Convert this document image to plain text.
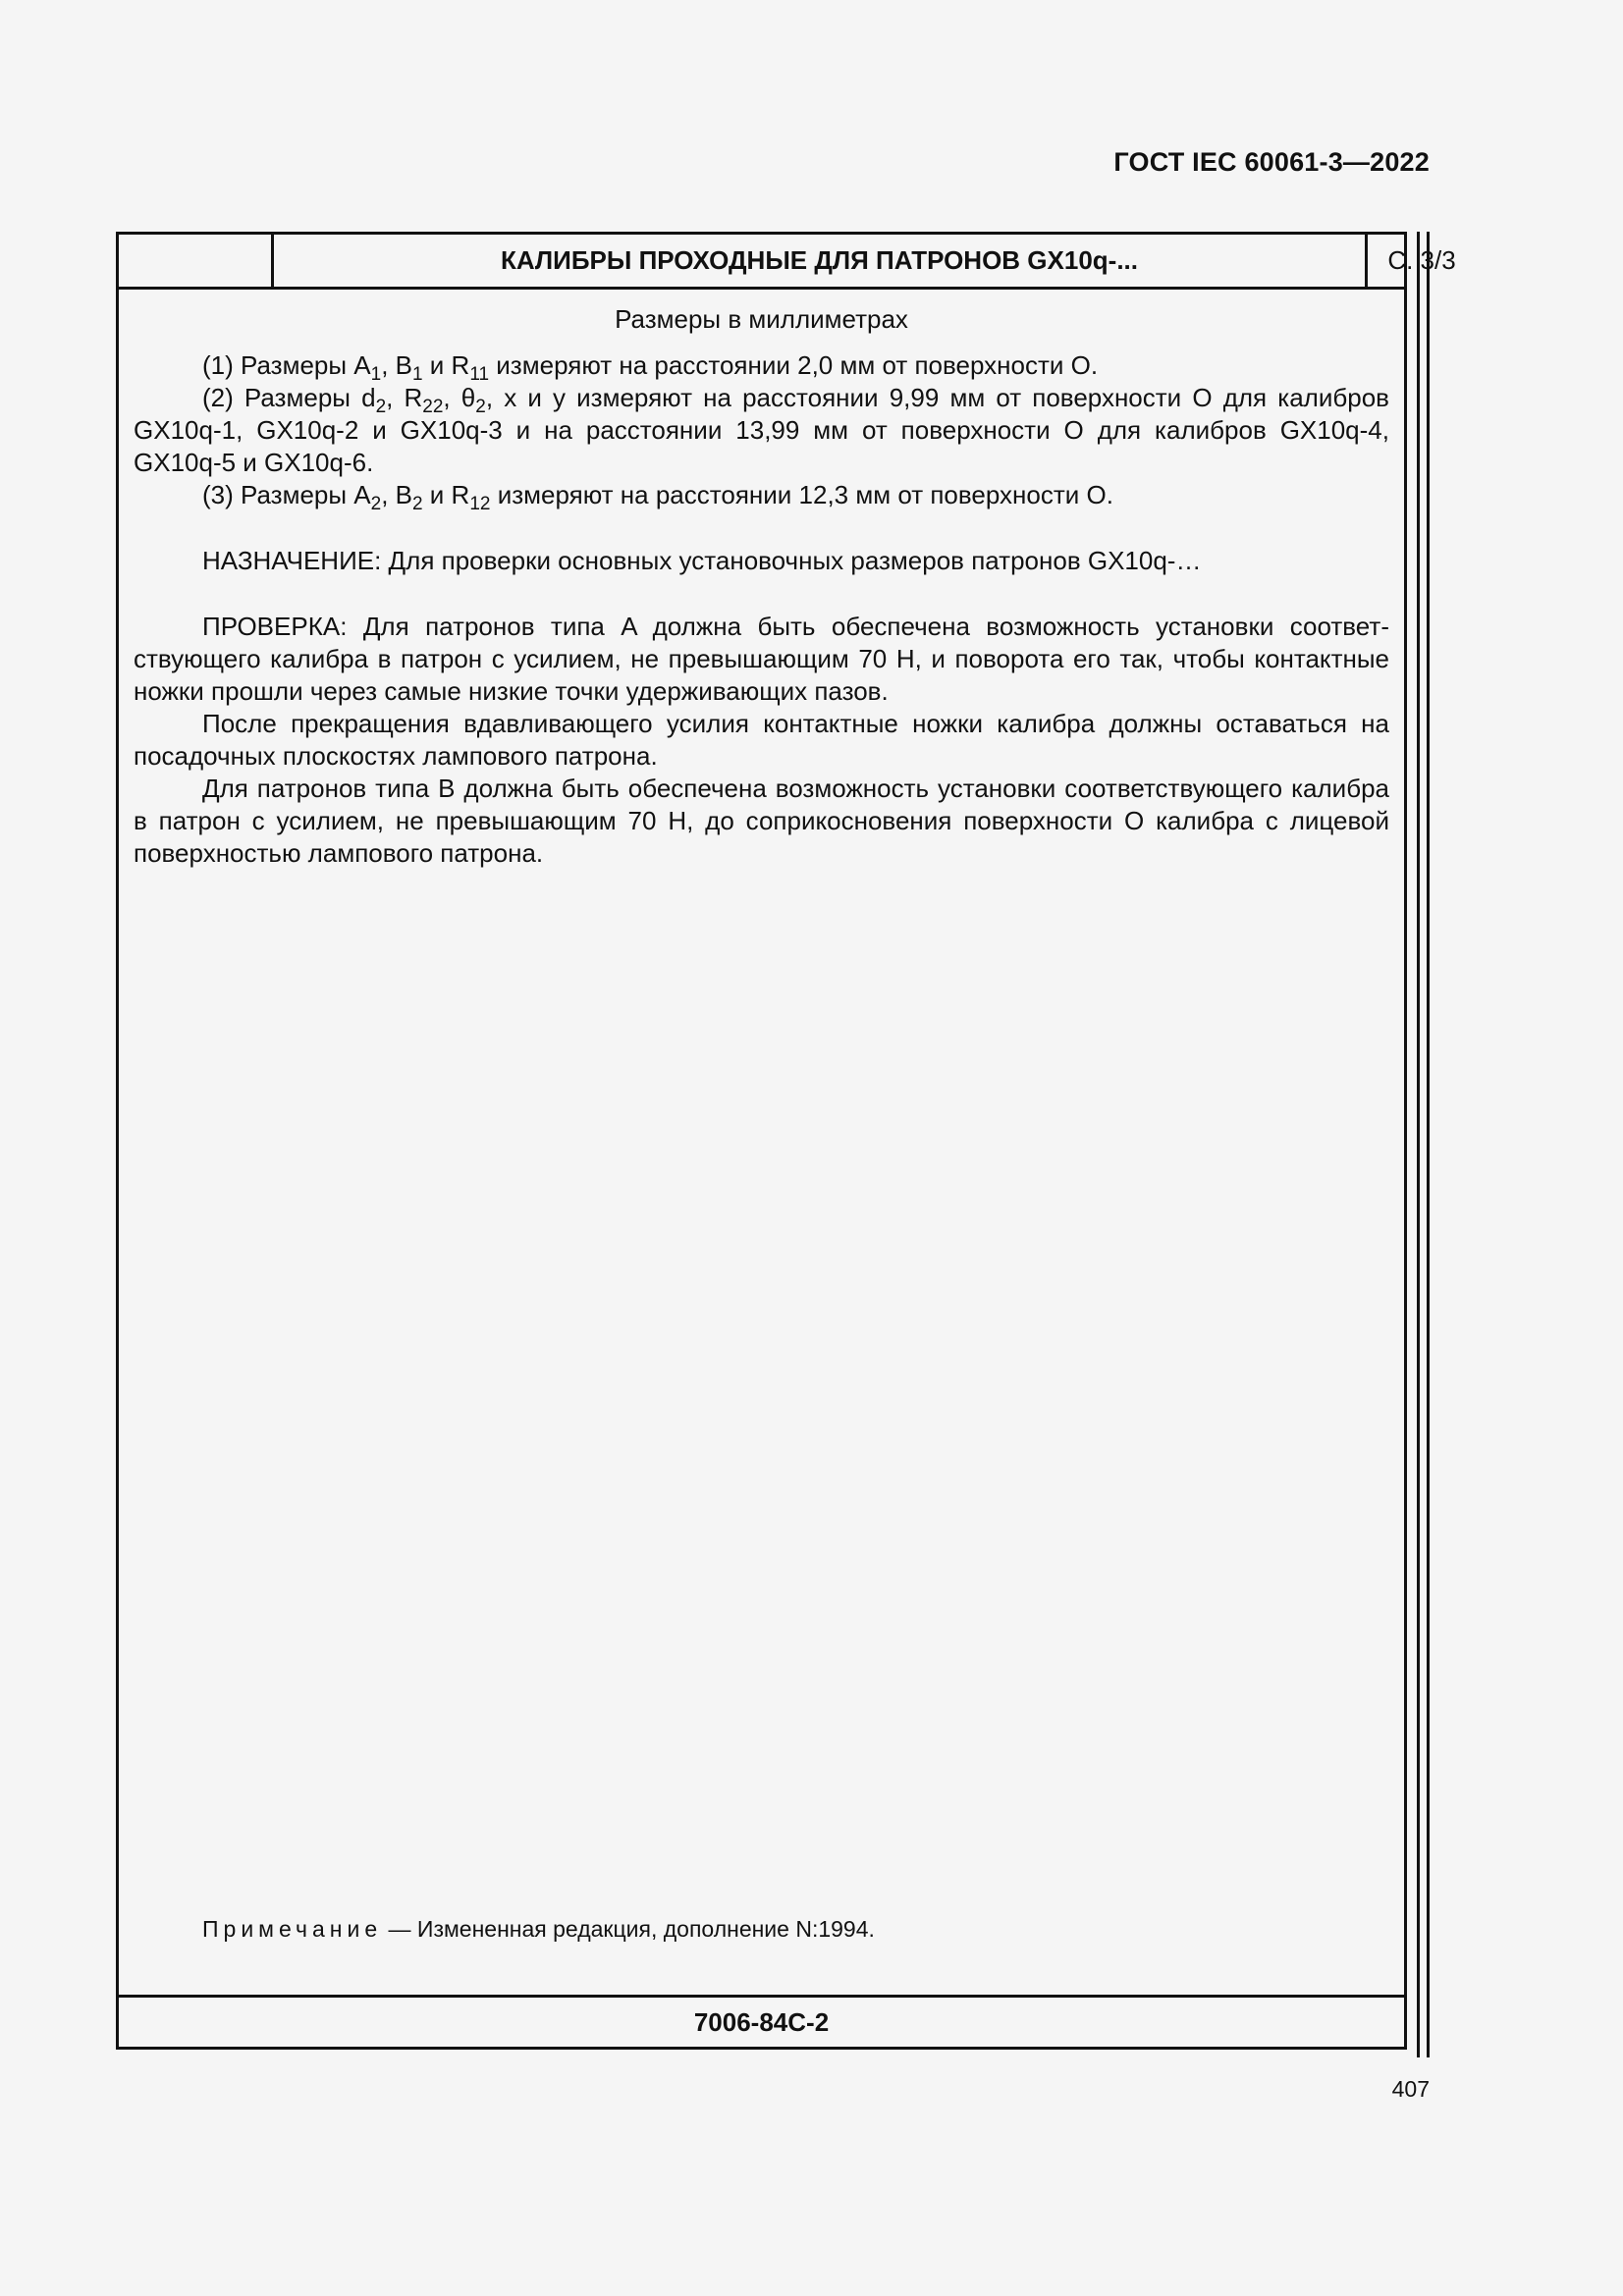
ГОСТ IEC 60061-3—2022
КАЛИБРЫ ПРОХОДНЫЕ ДЛЯ ПАТРОНОВ GX10q-...	С. 3/3
Размеры в миллиметрах

(1) Размеры $A_1$, $B_1$ и $R_{11}$ измеряют на расстоянии 2,0 мм от поверхности O.

(2) Размеры $d_2$, $R_{22}$, $\theta_2$, x и y измеряют на расстоянии 9,99 мм от поверхности O для калибров GX10q-1, GX10q-2 и GX10q-3 и на расстоянии 13,99 мм от поверхности O для калибров GX10q-4, GX10q-5 и GX10q-6.

(3) Размеры $A_2$, $B_2$ и $R_{12}$ измеряют на расстоянии 12,3 мм от поверхности O.

НАЗНАЧЕНИЕ: Для проверки основных установочных размеров патронов GX10q-…

ПРОВЕРКА: Для патронов типа A должна быть обеспечена возможность установки соответствующего калибра в патрон с усилием, не превышающим 70 Н, и поворота его так, чтобы контактные ножки прошли через самые низкие точки удерживающих пазов.

После прекращения вдавливающего усилия контактные ножки калибра должны оставаться на посадочных плоскостях лампового патрона.

Для патронов типа B должна быть обеспечена возможность установки соответствующего калибра в патрон с усилием, не превышающим 70 Н, до соприкосновения поверхности O калибра с лицевой поверхностью лампового патрона.

Примечание — Измененная редакция, дополнение N:1994.
7006-84C-2
407
